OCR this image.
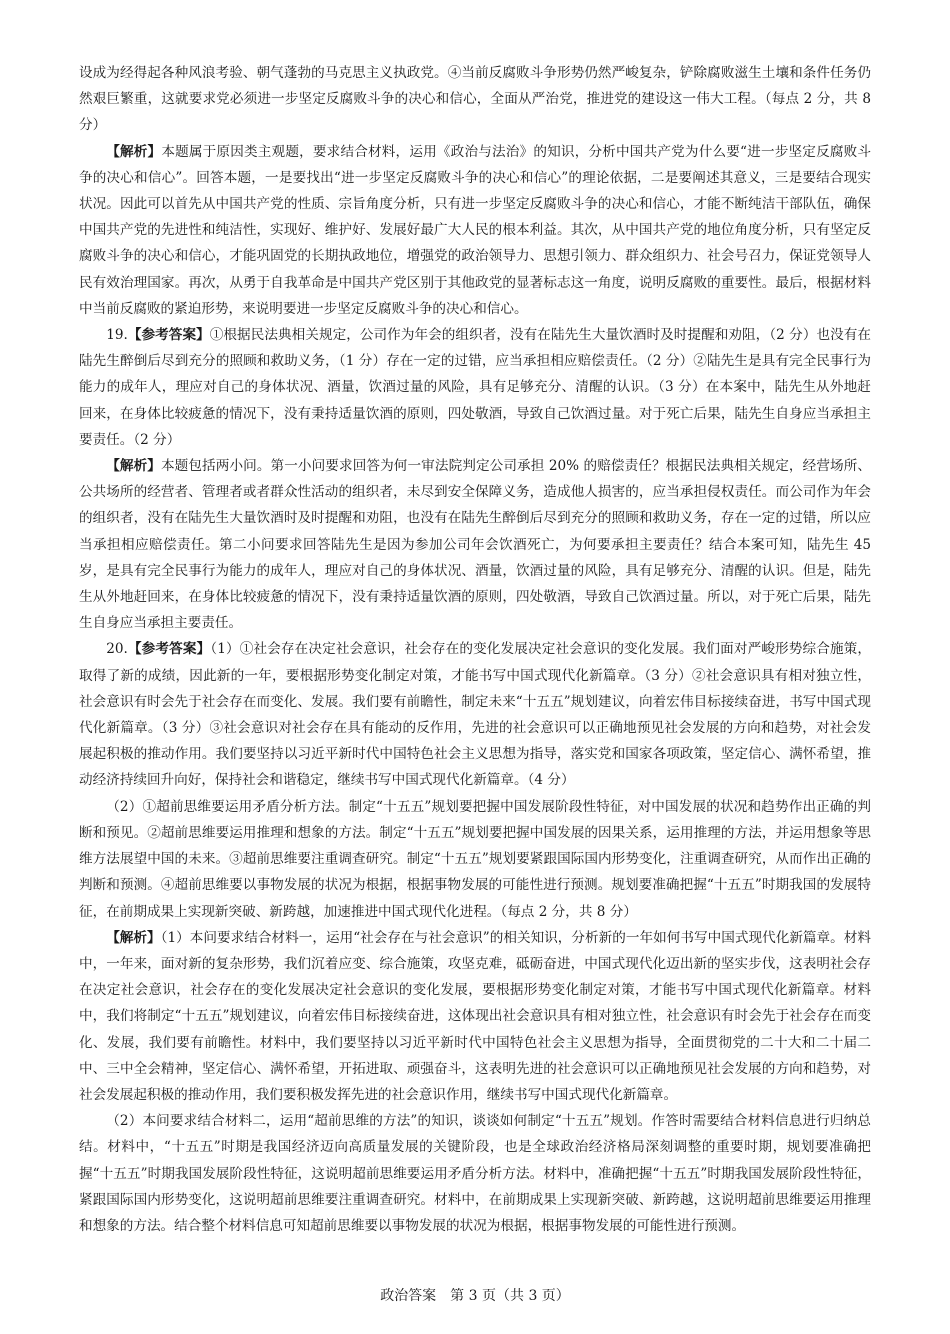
设成为经得起各种风浪考验、朝气蓬勃的马克思主义执政党。④当前反腐败斗争形势仍然严峻复杂，铲除腐败滋生土壤和条件任务仍然艰巨繁重，这就要求党必须进一步坚定反腐败斗争的决心和信心，全面从严治党，推进党的建设这一伟大工程。（每点 2 分，共 8 分）

【解析】本题属于原因类主观题，要求结合材料，运用《政治与法治》的知识，分析中国共产党为什么要“进一步坚定反腐败斗争的决心和信心”。回答本题，一是要找出“进一步坚定反腐败斗争的决心和信心”的理论依据，二是要阐述其意义，三是要结合现实状况。因此可以首先从中国共产党的性质、宗旨角度分析，只有进一步坚定反腐败斗争的决心和信心，才能不断纯洁干部队伍，确保中国共产党的先进性和纯洁性，实现好、维护好、发展好最广大人民的根本利益。其次，从中国共产党的地位角度分析，只有坚定反腐败斗争的决心和信心，才能巩固党的长期执政地位，增强党的政治领导力、思想引领力、群众组织力、社会号召力，保证党领导人民有效治理国家。再次，从勇于自我革命是中国共产党区别于其他政党的显著标志这一角度，说明反腐败的重要性。最后，根据材料中当前反腐败的紧迫形势，来说明要进一步坚定反腐败斗争的决心和信心。

19.【参考答案】①根据民法典相关规定，公司作为年会的组织者，没有在陆先生大量饮酒时及时提醒和劝阻，（2 分）也没有在陆先生醉倒后尽到充分的照顾和救助义务，（1 分）存在一定的过错，应当承担相应赔偿责任。（2 分）②陆先生是具有完全民事行为能力的成年人，理应对自己的身体状况、酒量，饮酒过量的风险，具有足够充分、清醒的认识。（3 分）在本案中，陆先生从外地赶回来，在身体比较疲惫的情况下，没有秉持适量饮酒的原则，四处敬酒，导致自己饮酒过量。对于死亡后果，陆先生自身应当承担主要责任。（2 分）

【解析】本题包括两小问。第一小问要求回答为何一审法院判定公司承担 20% 的赔偿责任？根据民法典相关规定，经营场所、公共场所的经营者、管理者或者群众性活动的组织者，未尽到安全保障义务，造成他人损害的，应当承担侵权责任。而公司作为年会的组织者，没有在陆先生大量饮酒时及时提醒和劝阻，也没有在陆先生醉倒后尽到充分的照顾和救助义务，存在一定的过错，所以应当承担相应赔偿责任。第二小问要求回答陆先生是因为参加公司年会饮酒死亡，为何要承担主要责任？结合本案可知，陆先生 45 岁，是具有完全民事行为能力的成年人，理应对自己的身体状况、酒量，饮酒过量的风险，具有足够充分、清醒的认识。但是，陆先生从外地赶回来，在身体比较疲惫的情况下，没有秉持适量饮酒的原则，四处敬酒，导致自己饮酒过量。所以，对于死亡后果，陆先生自身应当承担主要责任。

20.【参考答案】（1）①社会存在决定社会意识，社会存在的变化发展决定社会意识的变化发展。我们面对严峻形势综合施策，取得了新的成绩，因此新的一年，要根据形势变化制定对策，才能书写中国式现代化新篇章。（3 分）②社会意识具有相对独立性，社会意识有时会先于社会存在而变化、发展。我们要有前瞻性，制定未来“十五五”规划建议，向着宏伟目标接续奋进，书写中国式现代化新篇章。（3 分）③社会意识对社会存在具有能动的反作用，先进的社会意识可以正确地预见社会发展的方向和趋势，对社会发展起积极的推动作用。我们要坚持以习近平新时代中国特色社会主义思想为指导，落实党和国家各项政策，坚定信心、满怀希望，推动经济持续回升向好，保持社会和谐稳定，继续书写中国式现代化新篇章。（4 分）

（2）①超前思维要运用矛盾分析方法。制定“十五五”规划要把握中国发展阶段性特征，对中国发展的状况和趋势作出正确的判断和预见。②超前思维要运用推理和想象的方法。制定“十五五”规划要把握中国发展的因果关系，运用推理的方法，并运用想象等思维方法展望中国的未来。③超前思维要注重调查研究。制定“十五五”规划要紧跟国际国内形势变化，注重调查研究，从而作出正确的判断和预测。④超前思维要以事物发展的状况为根据，根据事物发展的可能性进行预测。规划要准确把握“十五五”时期我国的发展特征，在前期成果上实现新突破、新跨越，加速推进中国式现代化进程。（每点 2 分，共 8 分）

【解析】（1）本问要求结合材料一，运用“社会存在与社会意识”的相关知识，分析新的一年如何书写中国式现代化新篇章。材料中，一年来，面对新的复杂形势，我们沉着应变、综合施策，攻坚克难，砥砺奋进，中国式现代化迈出新的坚实步伐，这表明社会存在决定社会意识，社会存在的变化发展决定社会意识的变化发展，要根据形势变化制定对策，才能书写中国式现代化新篇章。材料中，我们将制定“十五五”规划建议，向着宏伟目标接续奋进，这体现出社会意识具有相对独立性，社会意识有时会先于社会存在而变化、发展，我们要有前瞻性。材料中，我们要坚持以习近平新时代中国特色社会主义思想为指导，全面贯彻党的二十大和二十届二中、三中全会精神，坚定信心、满怀希望，开拓进取、顽强奋斗，这表明先进的社会意识可以正确地预见社会发展的方向和趋势，对社会发展起积极的推动作用，我们要积极发挥先进的社会意识作用，继续书写中国式现代化新篇章。

（2）本问要求结合材料二，运用“超前思维的方法”的知识，谈谈如何制定“十五五”规划。作答时需要结合材料信息进行归纳总结。材料中，“十五五”时期是我国经济迈向高质量发展的关键阶段，也是全球政治经济格局深刻调整的重要时期，规划要准确把握“十五五”时期我国发展阶段性特征，这说明超前思维要运用矛盾分析方法。材料中，准确把握“十五五”时期我国发展阶段性特征，紧跟国际国内形势变化，这说明超前思维要注重调查研究。材料中，在前期成果上实现新突破、新跨越，这说明超前思维要运用推理和想象的方法。结合整个材料信息可知超前思维要以事物发展的状况为根据，根据事物发展的可能性进行预测。

政治答案　第 3 页（共 3 页）
